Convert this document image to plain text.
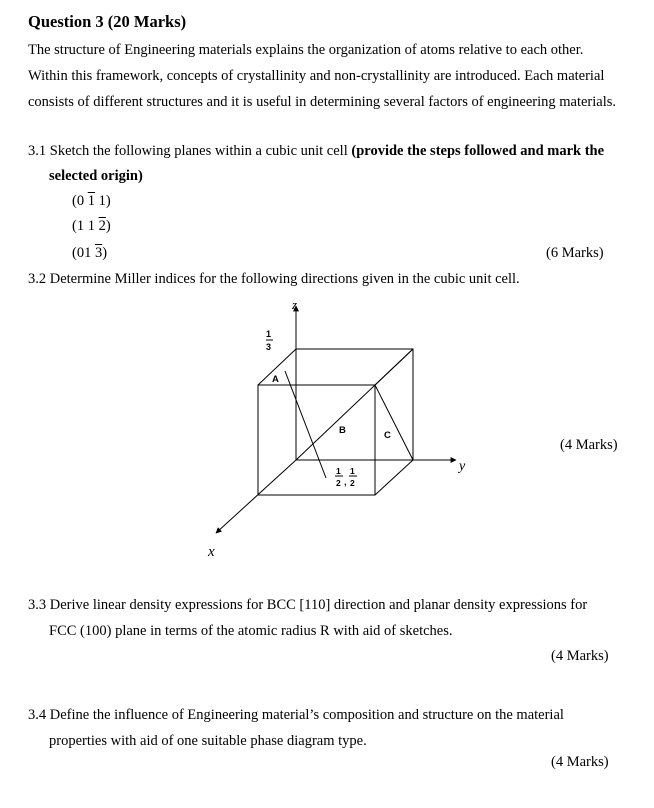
Question 3 (20 Marks)
The structure of Engineering materials explains the organization of atoms relative to each other.
Within this framework, concepts of crystallinity and non-crystallinity are introduced. Each material
consists of different structures and it is useful in determining several factors of engineering materials.
3.1 Sketch the following planes within a cubic unit cell (provide the steps followed and mark the
selected origin)
(0 1 1)
(1 1 2)
(01 3)	(6 Marks)
3.2 Determine Miller indices for the following directions given in the cubic unit cell.
(4 Marks)
z
y
x
1
3
A
B	C
1
2 ,
1
2
3.3 Derive linear density expressions for BCC [110] direction and planar density expressions for
FCC (100) plane in terms of the atomic radius R with aid of sketches.
(4 Marks)
3.4 Define the influence of Engineering material’s composition and structure on the material
properties with aid of one suitable phase diagram type.
(4 Marks)
